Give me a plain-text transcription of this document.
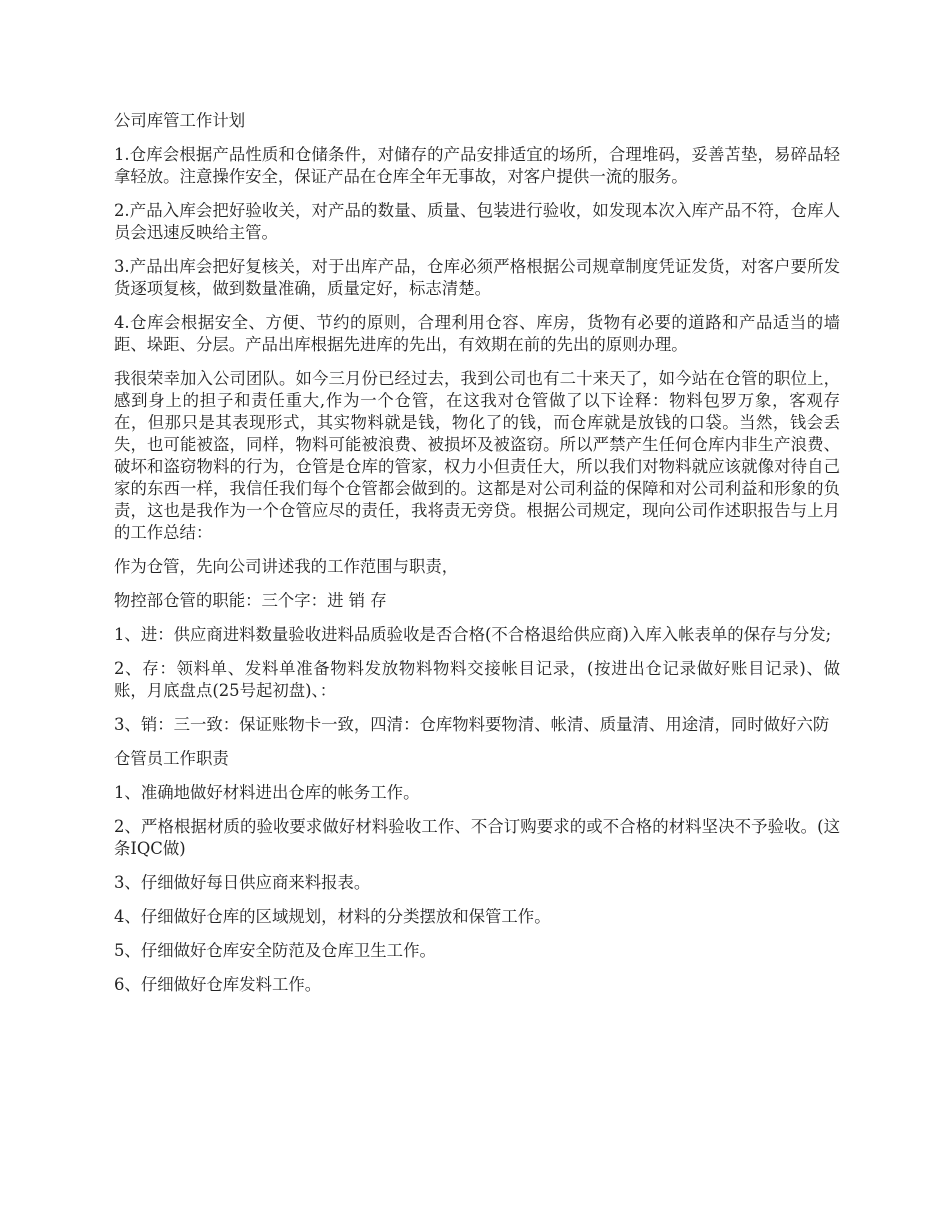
公司库管工作计划

1.仓库会根据产品性质和仓储条件，对储存的产品安排适宜的场所，合理堆码，妥善苫垫，易碎品轻拿轻放。注意操作安全，保证产品在仓库全年无事故，对客户提供一流的服务。

2.产品入库会把好验收关，对产品的数量、质量、包装进行验收，如发现本次入库产品不符，仓库人员会迅速反映给主管。

3.产品出库会把好复核关，对于出库产品，仓库必须严格根据公司规章制度凭证发货，对客户要所发货逐项复核，做到数量准确，质量定好，标志清楚。

4.仓库会根据安全、方便、节约的原则，合理利用仓容、库房，货物有必要的道路和产品适当的墙距、垛距、分层。产品出库根据先进库的先出，有效期在前的先出的原则办理。

我很荣幸加入公司团队。如今三月份已经过去，我到公司也有二十来天了，如今站在仓管的职位上，感到身上的担子和责任重大,作为一个仓管，在这我对仓管做了以下诠释：物料包罗万象，客观存在，但那只是其表现形式，其实物料就是钱，物化了的钱，而仓库就是放钱的口袋。当然，钱会丢失，也可能被盗，同样，物料可能被浪费、被损坏及被盗窃。所以严禁产生任何仓库内非生产浪费、破坏和盗窃物料的行为，仓管是仓库的管家，权力小但责任大，所以我们对物料就应该就像对待自己家的东西一样，我信任我们每个仓管都会做到的。这都是对公司利益的保障和对公司利益和形象的负责，这也是我作为一个仓管应尽的责任，我将责无旁贷。根据公司规定，现向公司作述职报告与上月的工作总结：

作为仓管，先向公司讲述我的工作范围与职责，

物控部仓管的职能：三个字：进 销 存

1、进：供应商进料数量验收进料品质验收是否合格(不合格退给供应商)入库入帐表单的保存与分发;

2、存：领料单、发料单准备物料发放物料物料交接帐目记录，(按进出仓记录做好账目记录)、做账，月底盘点(25号起初盘)、：

3、销：三一致：保证账物卡一致，四清：仓库物料要物清、帐清、质量清、用途清，同时做好六防

仓管员工作职责

1、准确地做好材料进出仓库的帐务工作。

2、严格根据材质的验收要求做好材料验收工作、不合订购要求的或不合格的材料坚决不予验收。(这条IQC做)

3、仔细做好每日供应商来料报表。

4、仔细做好仓库的区域规划，材料的分类摆放和保管工作。

5、仔细做好仓库安全防范及仓库卫生工作。

6、仔细做好仓库发料工作。
